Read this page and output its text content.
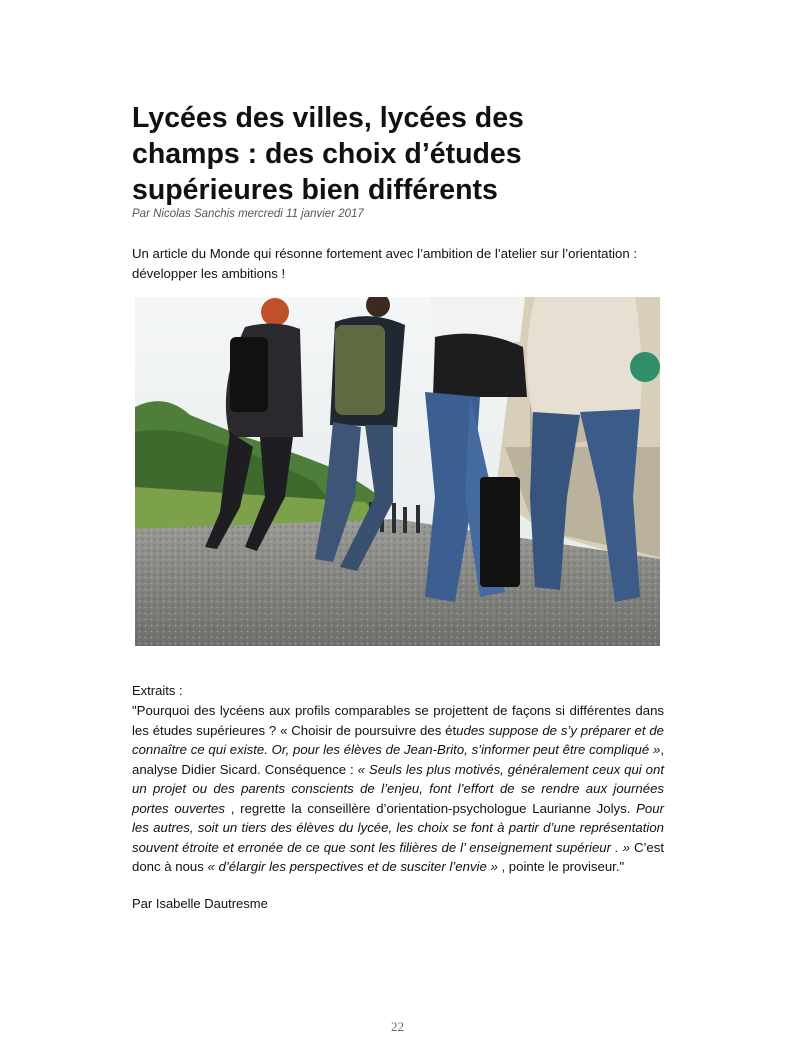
Lycées des villes, lycées des champs : des choix d’études supérieures bien différents
Par Nicolas Sanchis mercredi 11 janvier 2017

Un article du Monde qui résonne fortement avec l’ambition de l’atelier sur l’orientation : développer les ambitions !

Extraits :

"Pourquoi des lycéens aux profils comparables se projettent de façons si différentes dans les études supérieures ? « Choisir de poursuivre des études suppose de s’y préparer et de connaître ce qui existe. Or, pour les élèves de Jean-Brito, s’informer peut être compliqué », analyse Didier Sicard. Conséquence : « Seuls les plus motivés, généralement ceux qui ont un projet ou des parents conscients de l’enjeu, font l’effort de se rendre aux journées portes ouvertes , regrette la conseillère d’orientation-psychologue Laurianne Jolys. Pour les autres, soit un tiers des élèves du lycée, les choix se font à partir d’une représentation souvent étroite et erronée de ce que sont les filières de l’ enseignement supérieur . » C’est donc à nous « d’élargir les perspectives et de susciter l’envie » , pointe le proviseur."

Par Isabelle Dautresme
22
